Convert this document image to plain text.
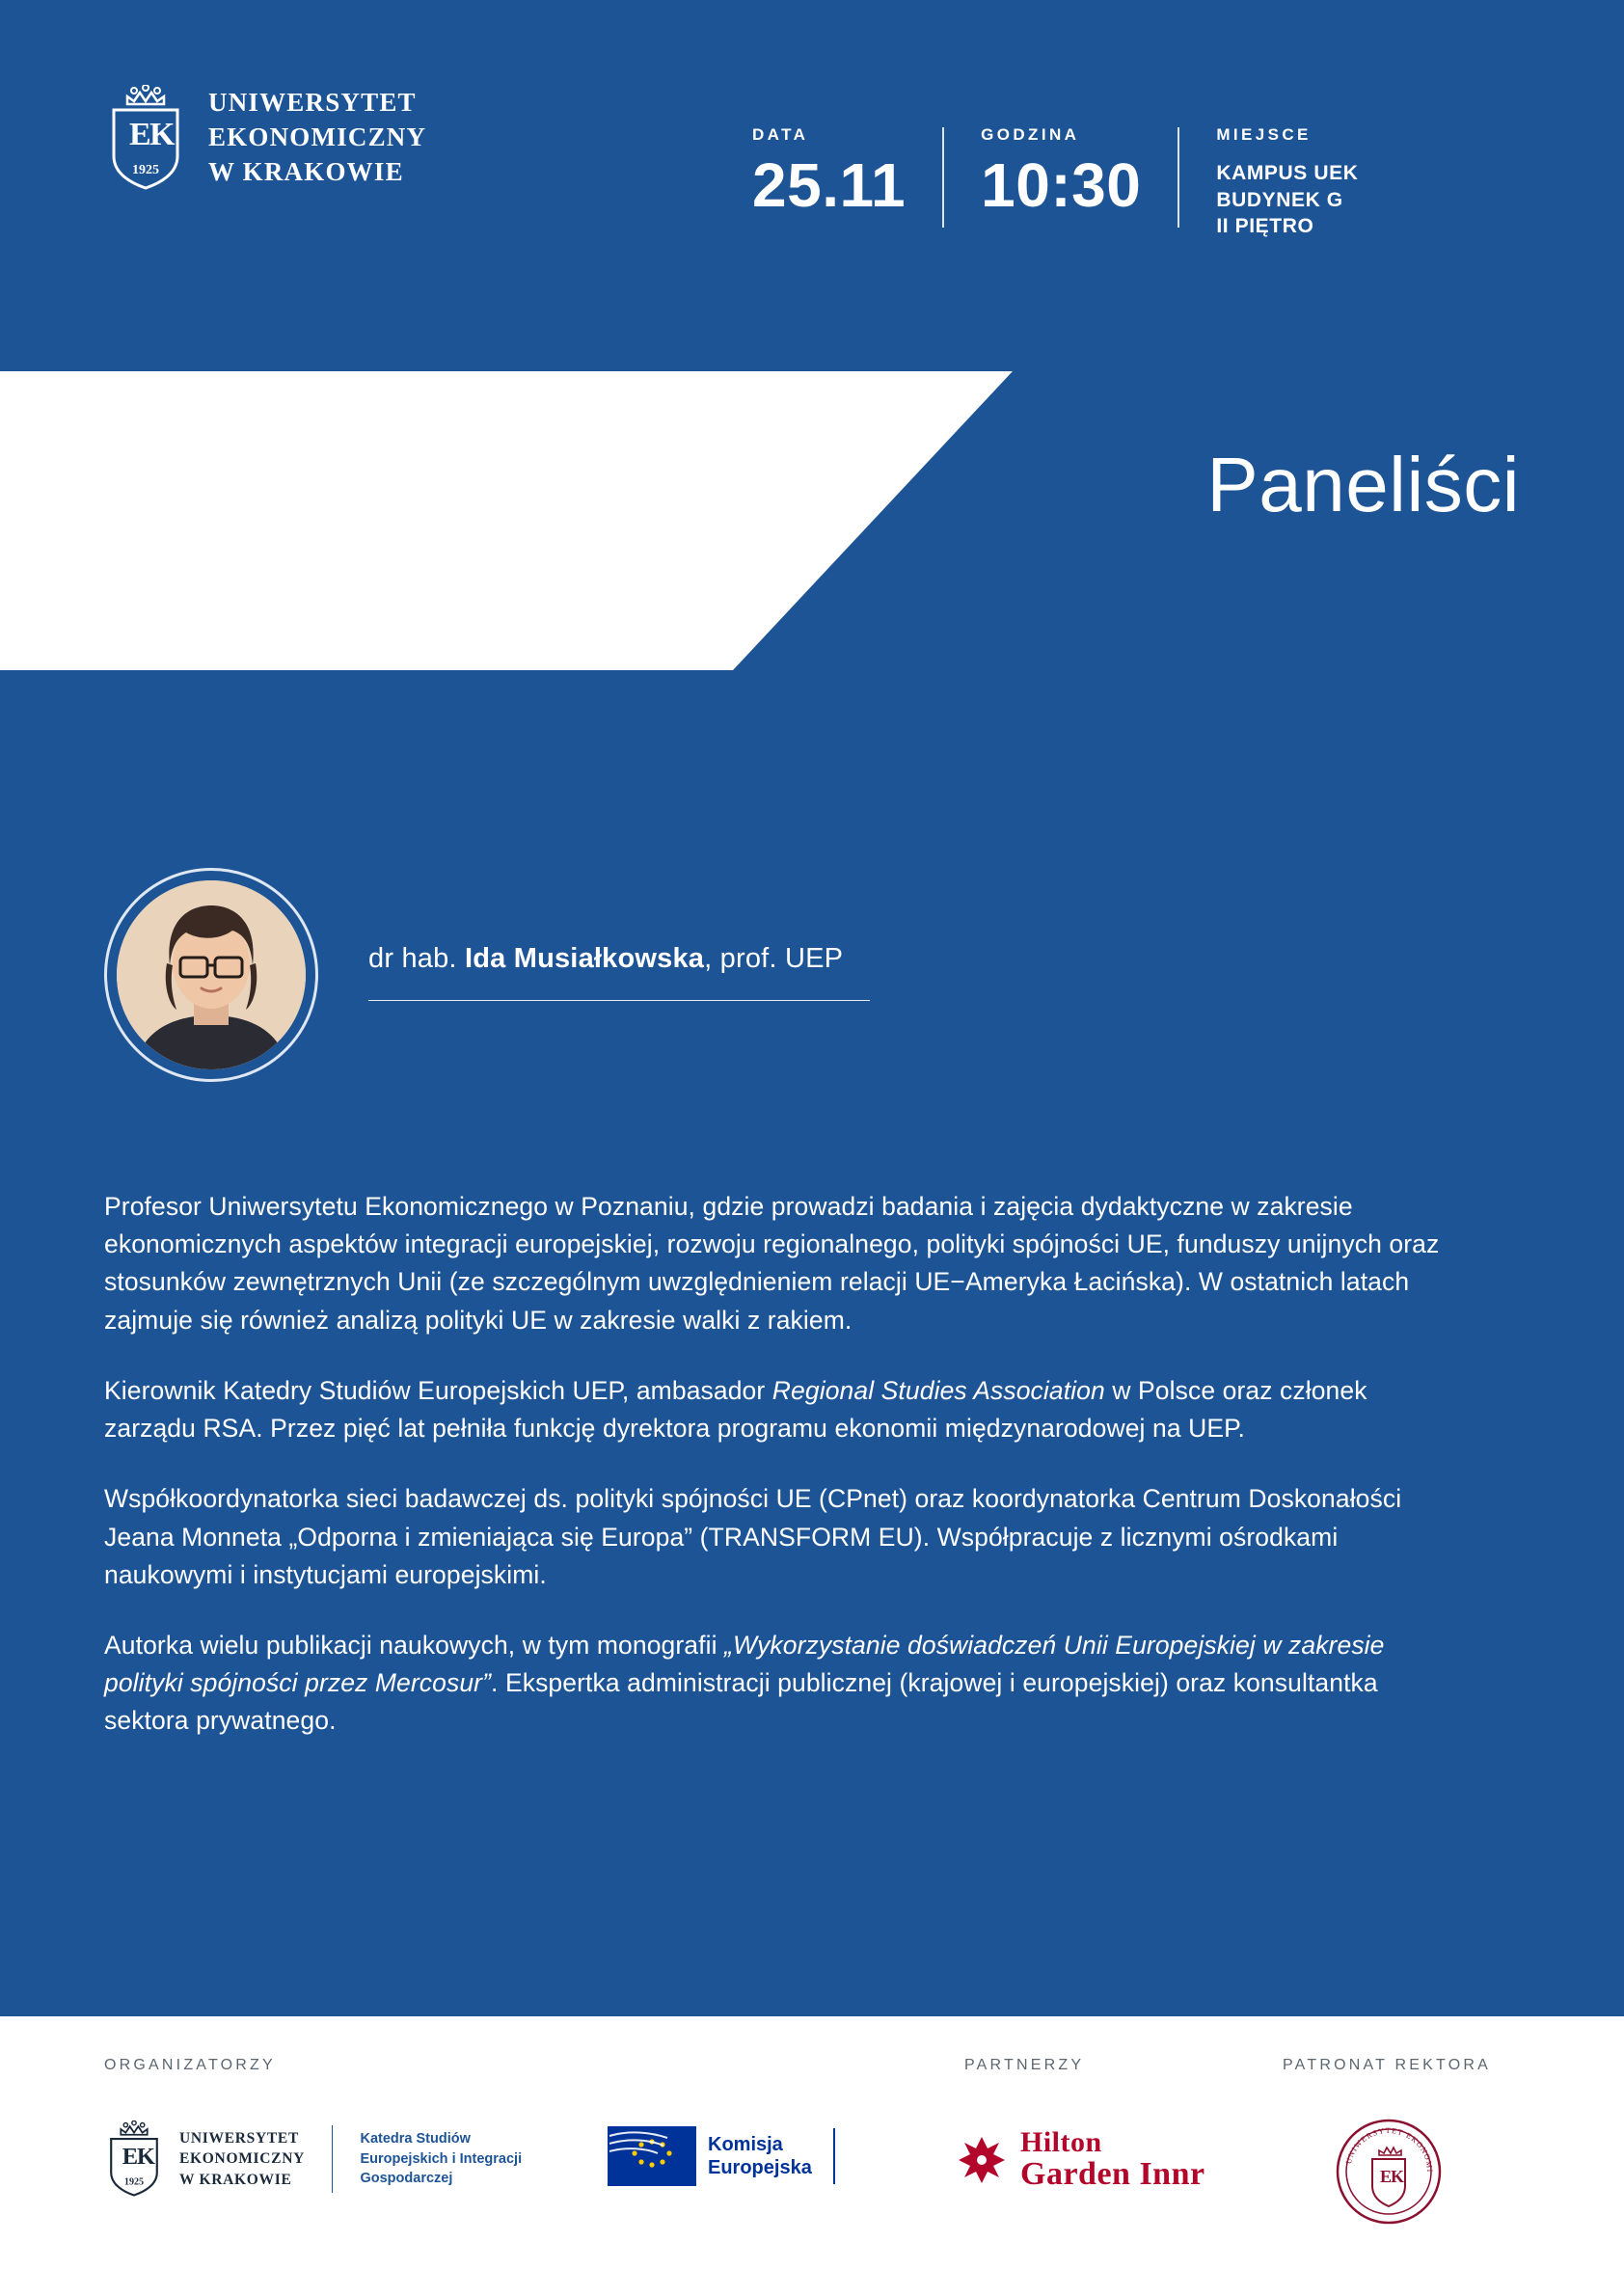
E
K
1925
UNIWERSYTET
EKONOMICZNY
W KRAKOWIE
DATA
25.11
GODZINA
10:30
MIEJSCE
KAMPUS UEK
BUDYNEK G
II PIĘTRO
Paneliści
dr hab. Ida Musiałkowska, prof. UEP

Profesor Uniwersytetu Ekonomicznego w Poznaniu, gdzie prowadzi badania i zajęcia dydaktyczne w zakresie ekonomicznych aspektów integracji europejskiej, rozwoju regionalnego, polityki spójności UE, funduszy unijnych oraz stosunków zewnętrznych Unii (ze szczególnym uwzględnieniem relacji UE−Ameryka Łacińska). W ostatnich latach zajmuje się również analizą polityki UE w zakresie walki z rakiem.

Kierownik Katedry Studiów Europejskich UEP, ambasador Regional Studies Association w Polsce oraz członek zarządu RSA. Przez pięć lat pełniła funkcję dyrektora programu ekonomii międzynarodowej na UEP.

Współkoordynatorka sieci badawczej ds. polityki spójności UE (CPnet) oraz koordynatorka Centrum Doskonałości Jeana Monneta „Odporna i zmieniająca się Europa” (TRANSFORM EU). Współpracuje z licznymi ośrodkami naukowymi i instytucjami europejskimi.

Autorka wielu publikacji naukowych, w tym monografii „Wykorzystanie doświadczeń Unii Europejskiej w zakresie polityki spójności przez Mercosur”. Ekspertka administracji publicznej (krajowej i europejskiej) oraz konsultantka sektora prywatnego.

ORGANIZATORZY	PARTNERZY	PATRONAT REKTORA
E
K
1925
UNIWERSYTET
EKONOMICZNY
W KRAKOWIE
Katedra Studiów
Europejskich i Integracji
Gospodarczej
Komisja
Europejska
Hilton
Garden Innr	E
K
UNIWERSYTET EKONOMI
